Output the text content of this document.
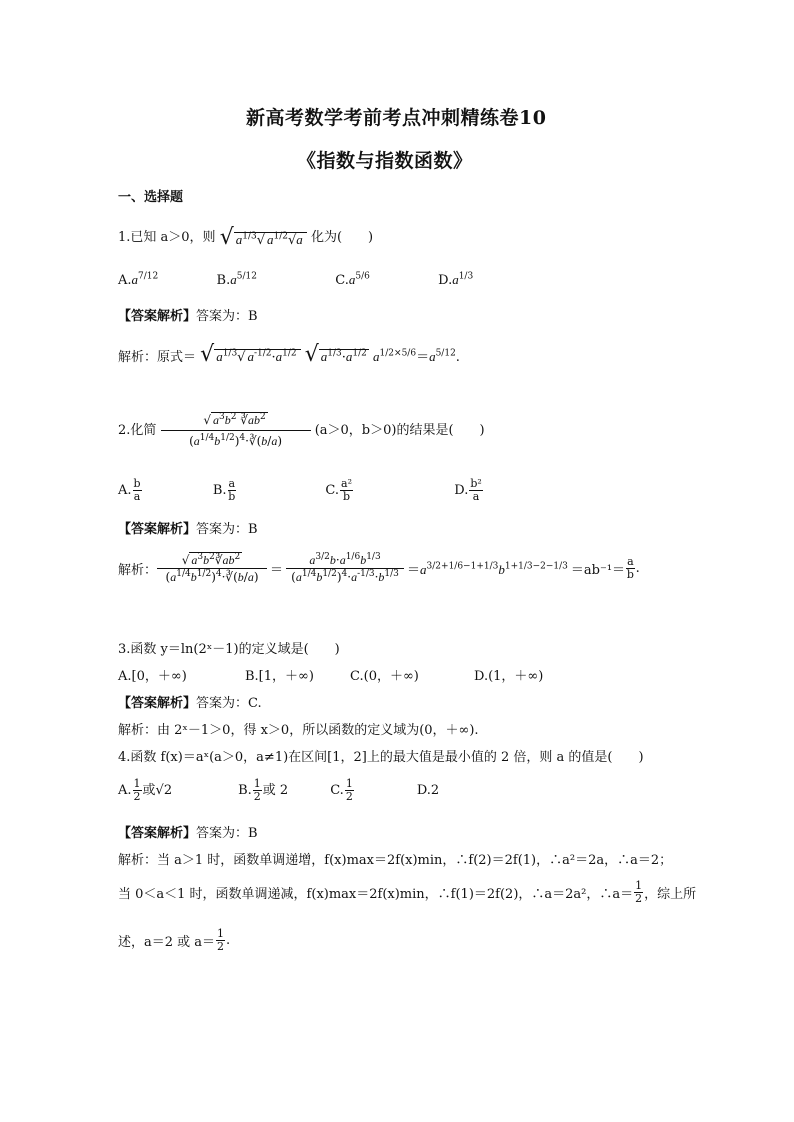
新高考数学考前考点冲刺精练卷10
《指数与指数函数》
一、选择题
1.已知 a＞0，则 √ $a^{1/3}√$ $a^{1/2}√a$ 化为(　　)
$A.a^{7/12}$	$B.a^{5/12}$	$C.a^{5/6}$	$D.a^{1/3}$
【答案解析】答案为：B
解析：原式＝ √ $a^{1/3}√$ $a^{-1/2}\cdot a^{1/2}$ √ $a^{1/3}\cdot a^{1/2}$ $a^{1/2\times 5/6}=a^{5/12}$.
2.化简 $\frac{√ a^3b^2 ∛ab^2}{(a^{1/4}b^{1/2})^4\cdot∛(b/a)} (a>0$，b＞0)的结果是(　　)
A. $\frac{b}{a}$	B. $\frac{a}{b}$	C. $\frac{\text{a²}}{b}$	D. $\frac{\text{b²}}{a}$
【答案解析】答案为：B
解析：
√ $a^3b^2∛ab^2$
$(a^{1/4}b^{1/2})^4\cdot∛(b/a)$ ＝
$a^{3/2}b\cdot a^{1/6}b^{1/3}$
$(a^{1/4}b^{1/2})^4\cdot a^{-1/3}\cdot b^{1/3} =a^{3/2+1/6-1+1/3}b^{1+1/3-2-1/3} =ab^{-1}= \frac{a}{b}$ .
3.函数 y＝ln(2ˣ－1)的定义域是(　　)
A.[0，＋∞)	B.[1，＋∞)	C.(0，＋∞)	D.(1，＋∞)
【答案解析】答案为：C.
解析：由 2ˣ－1＞0，得 x＞0，所以函数的定义域为(0，＋∞).
4.函数 f(x)＝aˣ(a＞0，a≠1)在区间[1，2]上的最大值是最小值的 2 倍，则 a 的值是(　　)
A. $\frac{1}{2}$ 或√2	B. $\frac{1}{2}$ 或 2	C. $\frac{1}{2}$	D.2
【答案解析】答案为：B
解析：当 a＞1 时，函数单调递增，f(x)max＝2f(x)min，∴f(2)＝2f(1)，∴a²＝2a，∴a＝2；
当 0＜a＜1 时，函数单调递减，f(x)max＝2f(x)min，∴f(1)＝2f(2)，∴a＝2a²，∴a＝ $\frac{1}{2}$ ，综上所
述，a＝2 或 $a= \frac{1}{2}$ .
